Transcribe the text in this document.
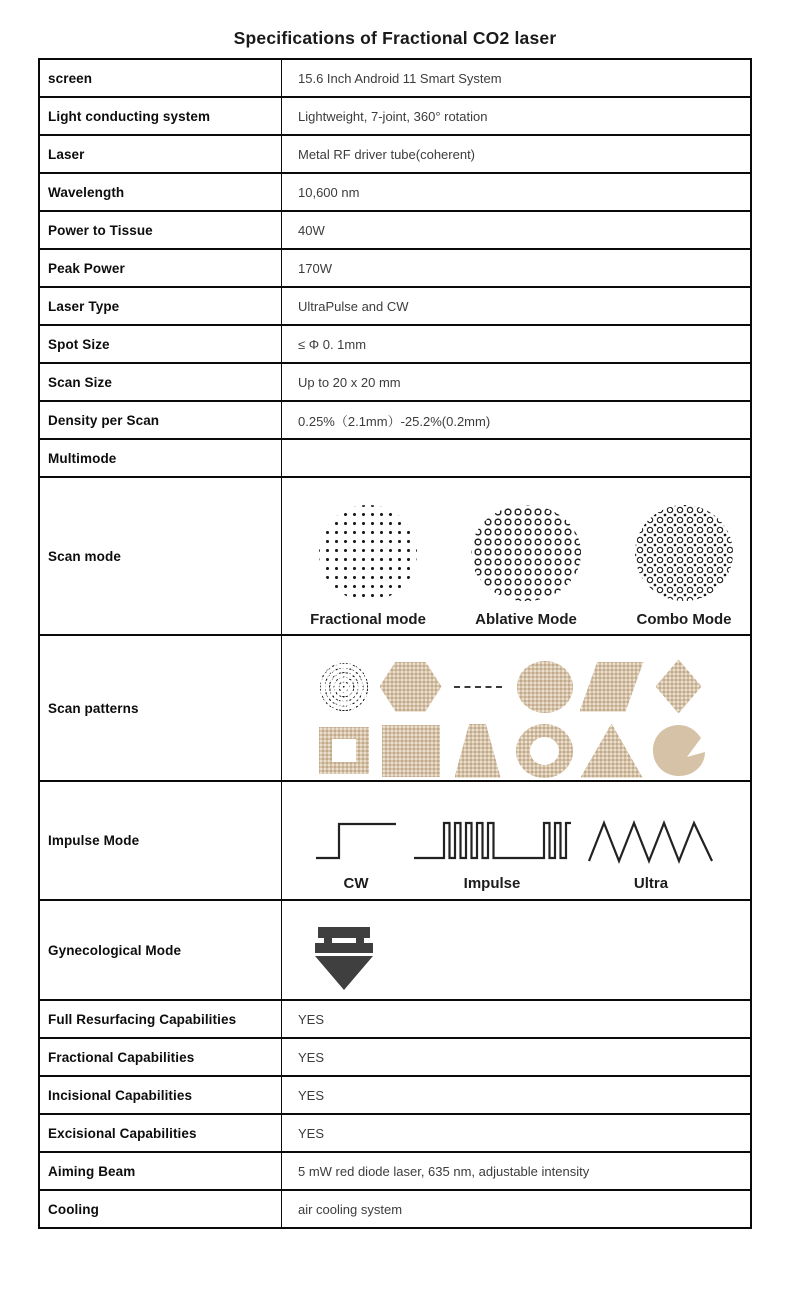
Specifications of Fractional CO2 laser
screen	15.6 Inch Android 11 Smart System
Light conducting system	Lightweight, 7-joint, 360° rotation
Laser	Metal RF driver tube(coherent)
Wavelength	10,600 nm
Power to Tissue	40W
Peak Power	170W
Laser Type	UltraPulse and CW
Spot Size	≤ Φ 0. 1mm
Scan Size	Up to 20 x 20 mm
Density per Scan	0.25%（2.1mm）-25.2%(0.2mm)
Multimode	
Scan mode	Fractional mode Ablative Mode Combo Mode

Scan patterns	

Impulse Mode	CW Impulse Ultra

Gynecological Mode	

Full Resurfacing Capabilities	YES
Fractional Capabilities	YES
Incisional Capabilities	YES
Excisional Capabilities	YES
Aiming Beam	5 mW red diode laser, 635 nm, adjustable intensity
Cooling	air cooling system
